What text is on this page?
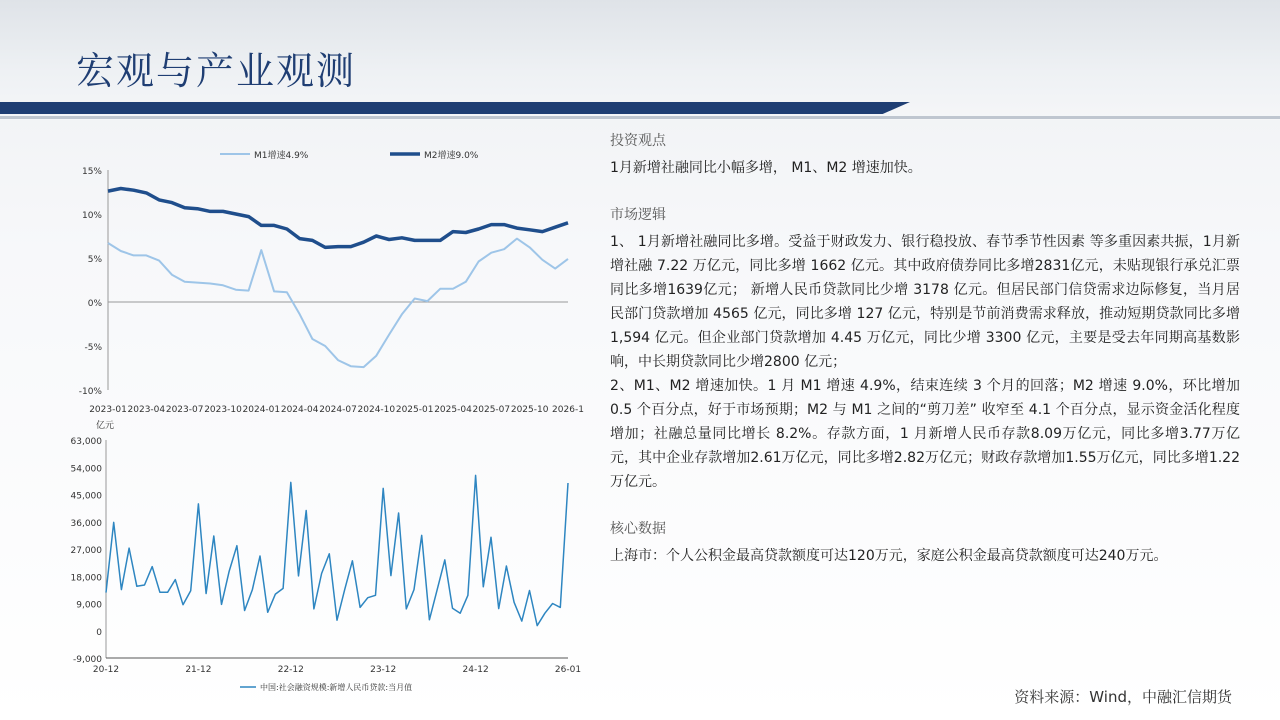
宏观与产业观测
15%
10%
5%
0%
-5%
-10%
2023-01 2023-04 2023-07 2023-10 2024-01 2024-04 2024-07 2024-10 2025-01 2025-04 2025-07 2025-10 2026-1
M1增速4.9%	M2增速9.0%
亿元
63,000
54,000
45,000
36,000
27,000
18,000
9,000
0
-9,000
20-12	21-12	22-12	23-12	24-12	26-01
中国:社会融资规模:新增人民币贷款:当月值
投资观点
1月新增社融同比小幅多增， M1、M2 增速加快。
市场逻辑
1、 1月新增社融同比多增。受益于财政发力、银行稳投放、春节季节性因素 等多重因素共振，1月新增社融 7.22 万亿元，同比多增 1662 亿元。其中政府债券同比多增2831亿元，未贴现银行承兑汇票同比多增1639亿元； 新增人民币贷款同比少增 3178 亿元。但居民部门信贷需求边际修复，当月居民部门贷款增加 4565 亿元，同比多增 127 亿元，特别是节前消费需求释放，推动短期贷款同比多增1,594 亿元。但企业部门贷款增加 4.45 万亿元，同比少增 3300 亿元，主要是受去年同期高基数影响，中长期贷款同比少增2800 亿元；
2、M1、M2 增速加快。1 月 M1 增速 4.9%，结束连续 3 个月的回落；M2 增速 9.0%，环比增加 0.5 个百分点，好于市场预期；M2 与 M1 之间的“剪刀差” 收窄至 4.1 个百分点，显示资金活化程度增加；社融总量同比增长 8.2%。存款方面，1 月新增人民币存款8.09万亿元，同比多增3.77万亿元，其中企业存款增加2.61万亿元，同比多增2.82万亿元；财政存款增加1.55万亿元，同比多增1.22万亿元。
核心数据
上海市：个人公积金最高贷款额度可达120万元，家庭公积金最高贷款额度可达240万元。
资料来源：Wind，中融汇信期货
